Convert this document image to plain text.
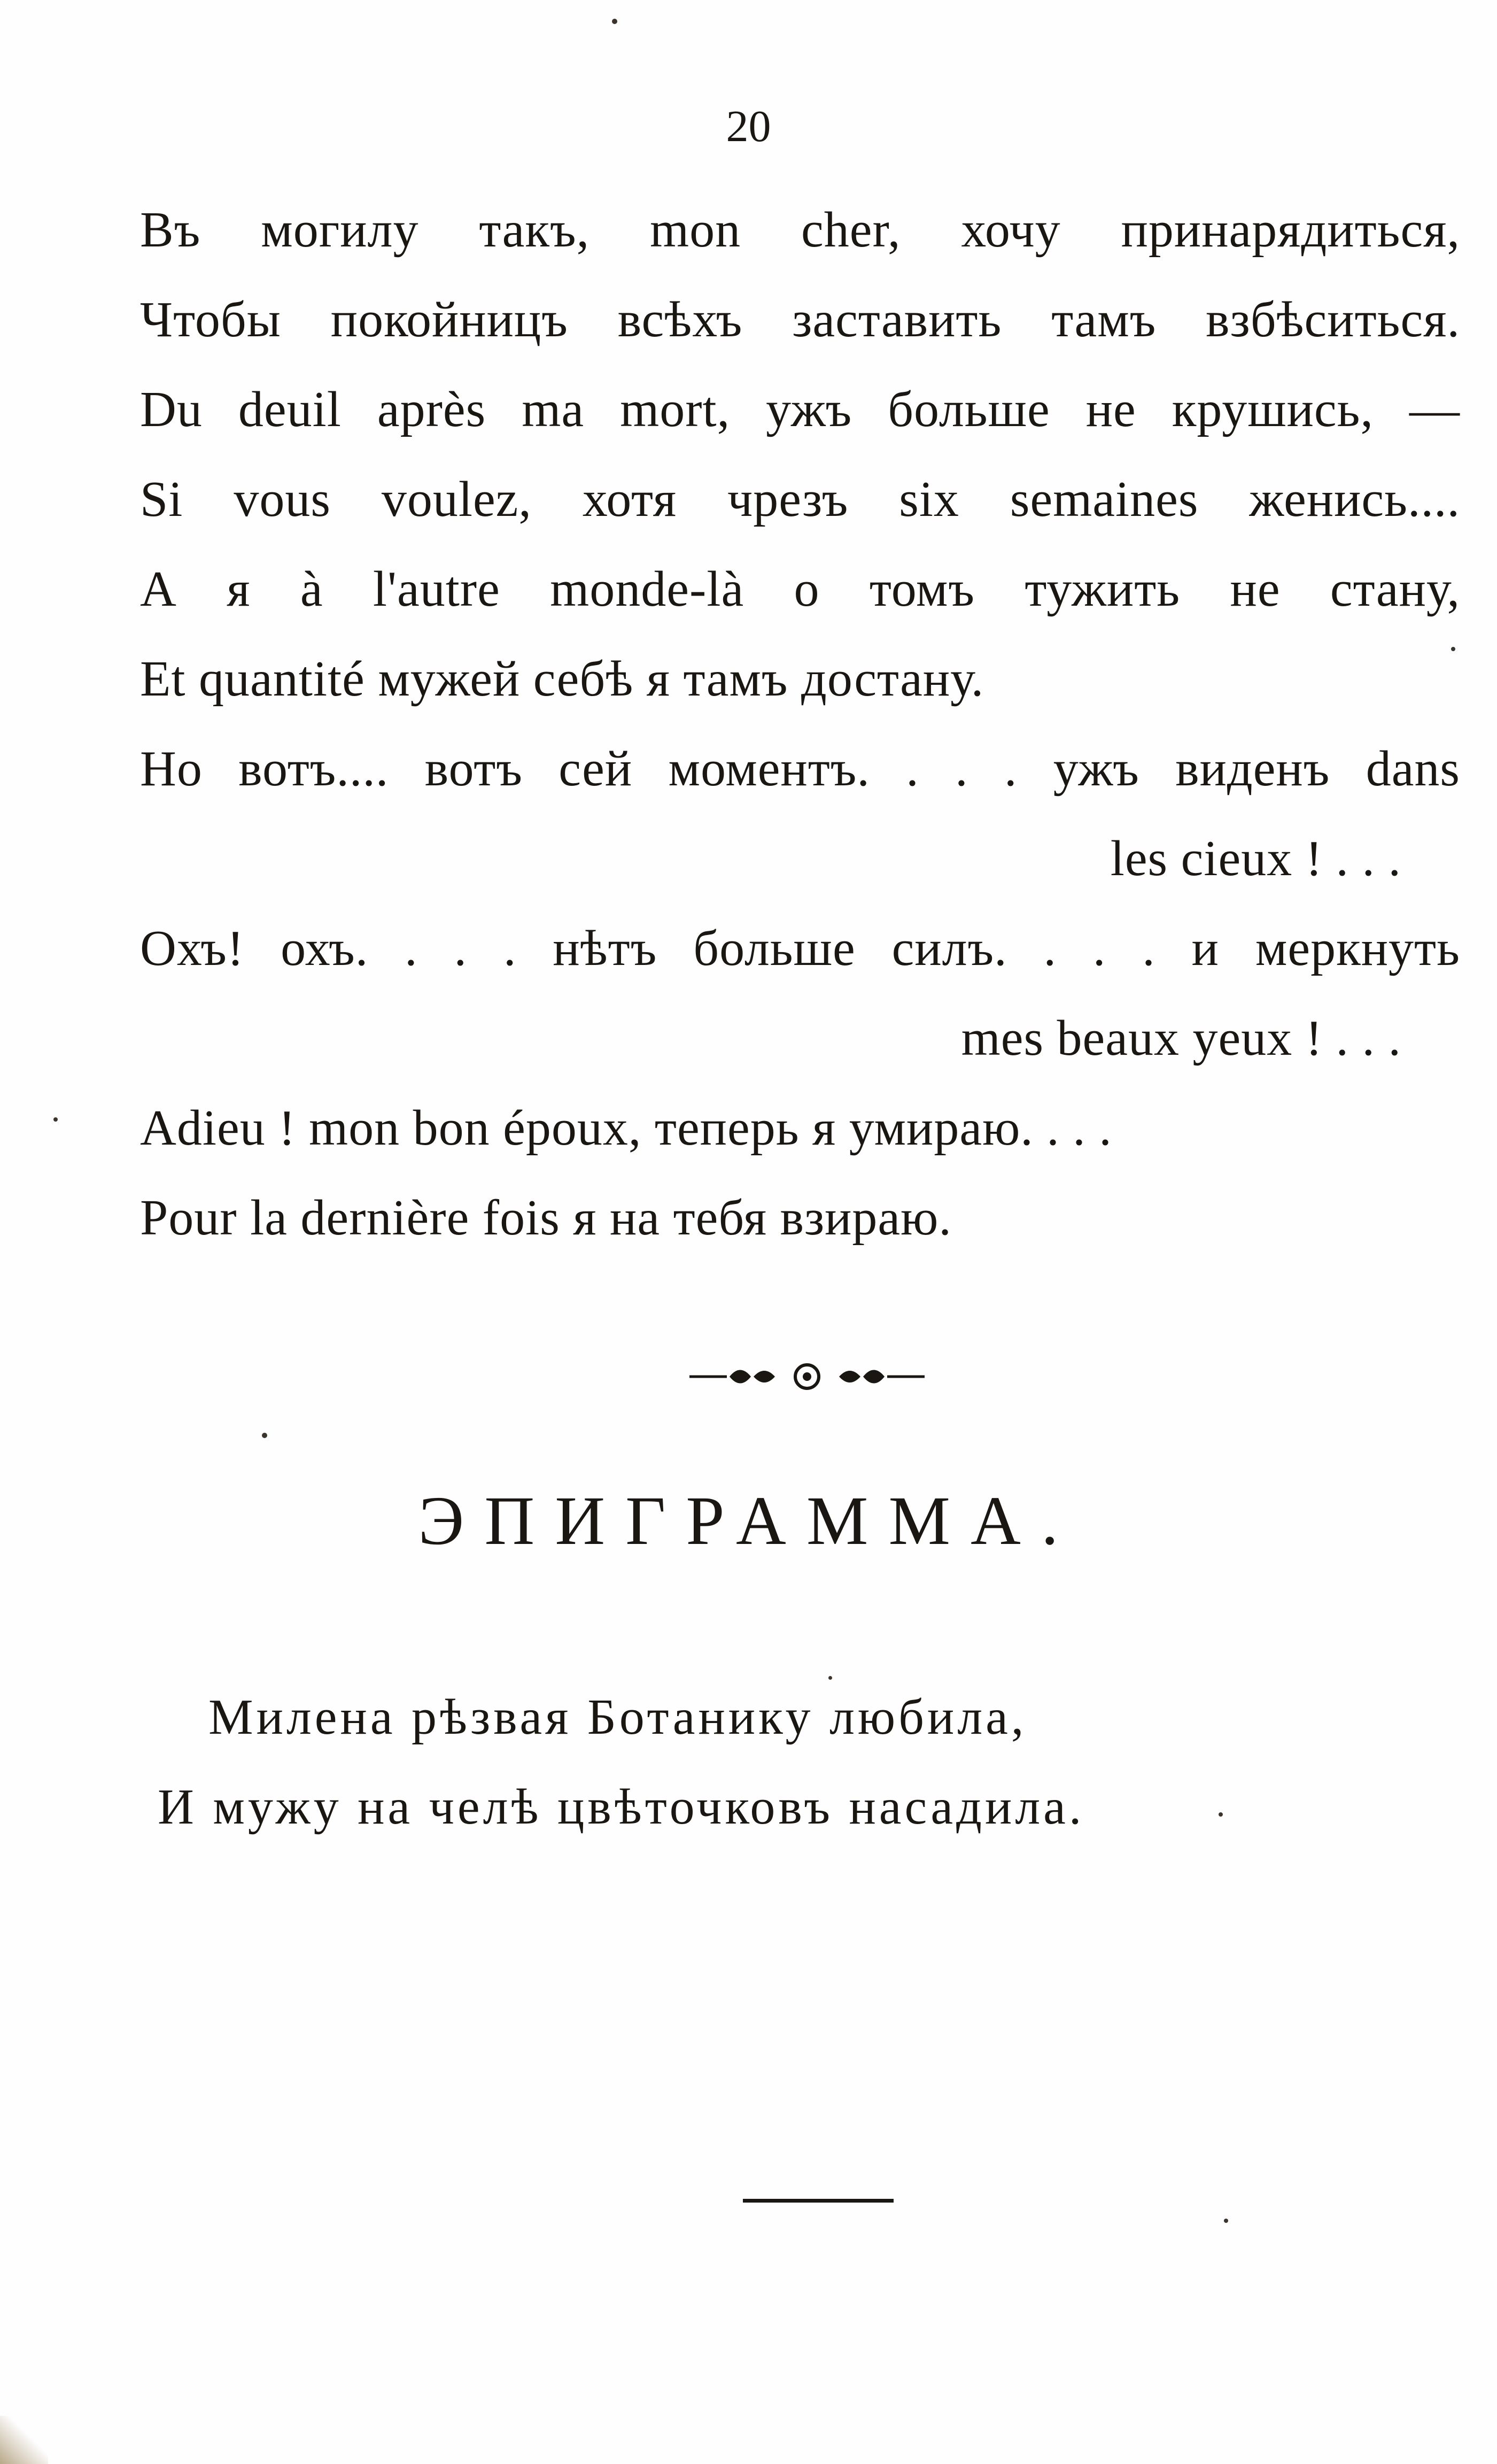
20
Въ могилу такъ, mon cher, хочу принарядиться,
Чтобы покойницъ всѣхъ заставить тамъ взбѣситься.
Du deuil après ma mort, ужъ больше не крушись, —
Si vous voulez, хотя чрезъ six semaines женись....
А я à l'autre monde-là о томъ тужить не стану,
Et quantité мужей себѣ я тамъ достану.
Но вотъ.... вотъ сей моментъ. . . . ужъ виденъ dans
les cieux ! . . .
Охъ! охъ. . . . нѣтъ больше силъ. . . . и меркнуть
mes beaux yeux ! . . .
Adieu ! mon bon époux, теперь я умираю. . . .
Pour la dernière fois я на тебя взираю.
ЭПИГРАММА.
Милена рѣзвая Ботанику любила,
И мужу на челѣ цвѣточковъ насадила.
